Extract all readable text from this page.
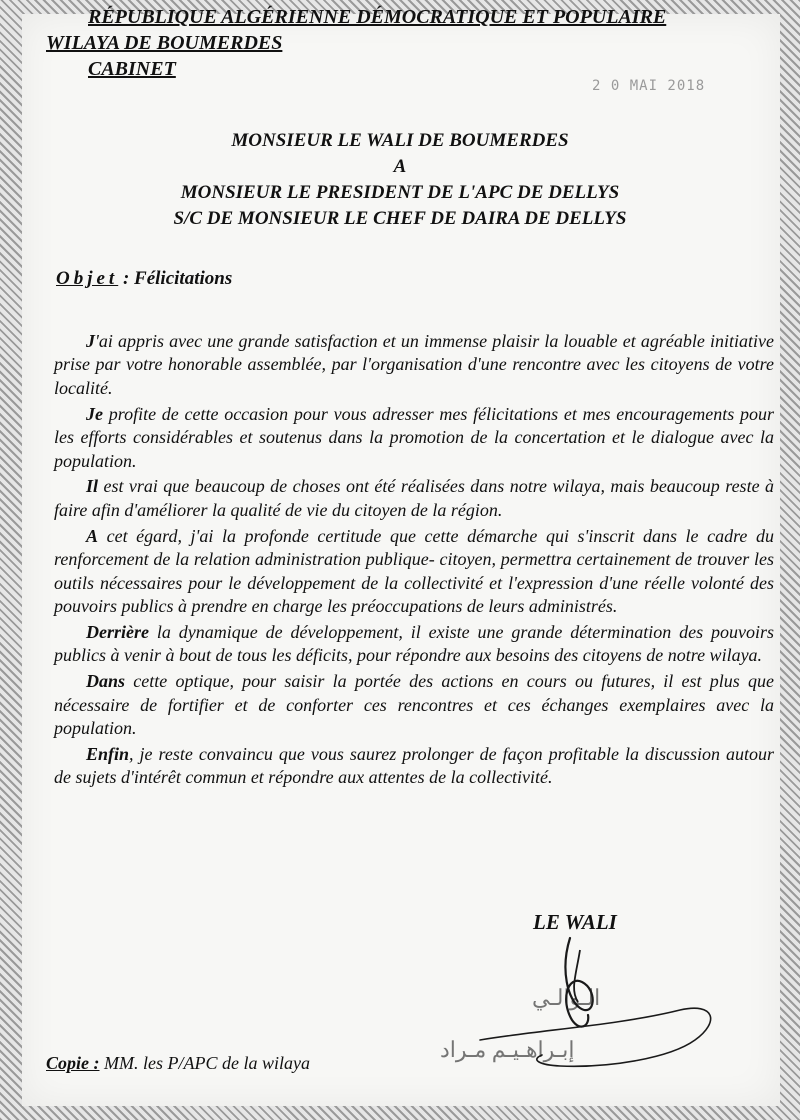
RÉPUBLIQUE ALGÉRIENNE DÉMOCRATIQUE ET POPULAIRE
WILAYA DE BOUMERDES
CABINET
2 0 MAI 2018
MONSIEUR LE WALI DE BOUMERDES
A
MONSIEUR LE PRESIDENT DE L'APC DE DELLYS
S/C DE MONSIEUR LE CHEF DE DAIRA DE DELLYS
Objet : Félicitations

J'ai appris avec une grande satisfaction et un immense plaisir la louable et agréable initiative prise par votre honorable assemblée, par l'organisation d'une rencontre avec les citoyens de votre localité.

Je profite de cette occasion pour vous adresser mes félicitations et mes encouragements pour les efforts considérables et soutenus dans la promotion de la concertation et le dialogue avec la population.

Il est vrai que beaucoup de choses ont été réalisées dans notre wilaya, mais beaucoup reste à faire afin d'améliorer la qualité de vie du citoyen de la région.

A cet égard, j'ai la profonde certitude que cette démarche qui s'inscrit dans le cadre du renforcement de la relation administration publique- citoyen, permettra certainement de trouver les outils nécessaires pour le développement de la collectivité et l'expression d'une réelle volonté des pouvoirs publics à prendre en charge les préoccupations de leurs administrés.

Derrière la dynamique de développement, il existe une grande détermination des pouvoirs publics à venir à bout de tous les déficits, pour répondre aux besoins des citoyens de notre wilaya.

Dans cette optique, pour saisir la portée des actions en cours ou futures, il est plus que nécessaire de fortifier et de conforter ces rencontres et ces échanges exemplaires avec la population.

Enfin, je reste convaincu que vous saurez prolonger de façon profitable la discussion autour de sujets d'intérêt commun et répondre aux attentes de la collectivité.

LE WALI
الـوالـي
إبـراهـيـم مـراد
Copie : MM. les P/APC de la wilaya
